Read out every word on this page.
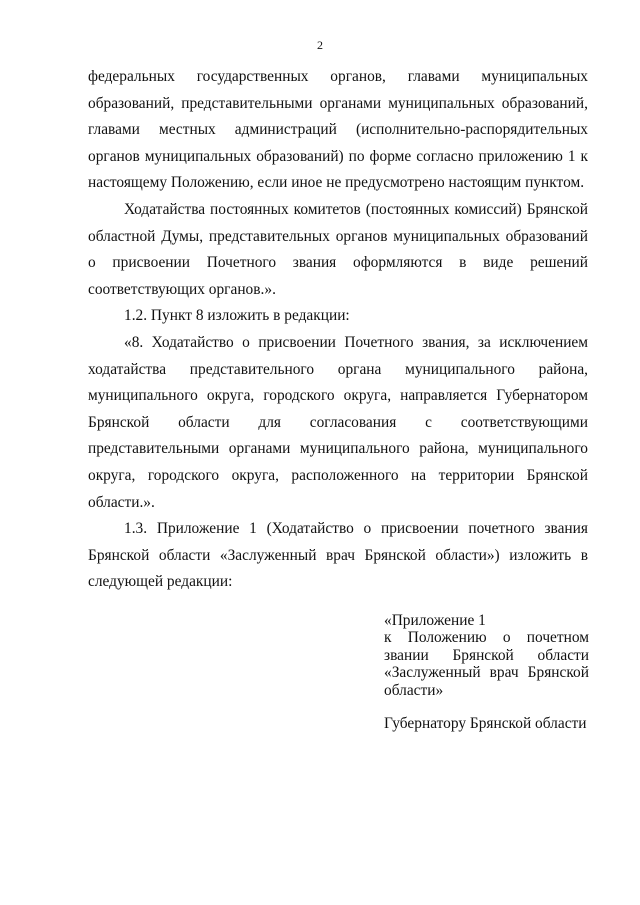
2

федеральных государственных органов, главами муниципальных образований, представительными органами муниципальных образований, главами местных администраций (исполнительно-распорядительных органов муниципальных образований) по форме согласно приложению 1 к настоящему Положению, если иное не предусмотрено настоящим пунктом.

Ходатайства постоянных комитетов (постоянных комиссий) Брянской областной Думы, представительных органов муниципальных образований о присвоении Почетного звания оформляются в виде решений соответствующих органов.».

1.2. Пункт 8 изложить в редакции:

«8. Ходатайство о присвоении Почетного звания, за исключением ходатайства представительного органа муниципального района, муниципального округа, городского округа, направляется Губернатором Брянской области для согласования с соответствующими представительными органами муниципального района, муниципального округа, городского округа, расположенного на территории Брянской области.».

1.3. Приложение 1 (Ходатайство о присвоении почетного звания Брянской области «Заслуженный врач Брянской области») изложить в следующей редакции:

«Приложение 1

к Положению о почетном звании Брянской области «Заслуженный врач Брянской области»

Губернатору Брянской области
